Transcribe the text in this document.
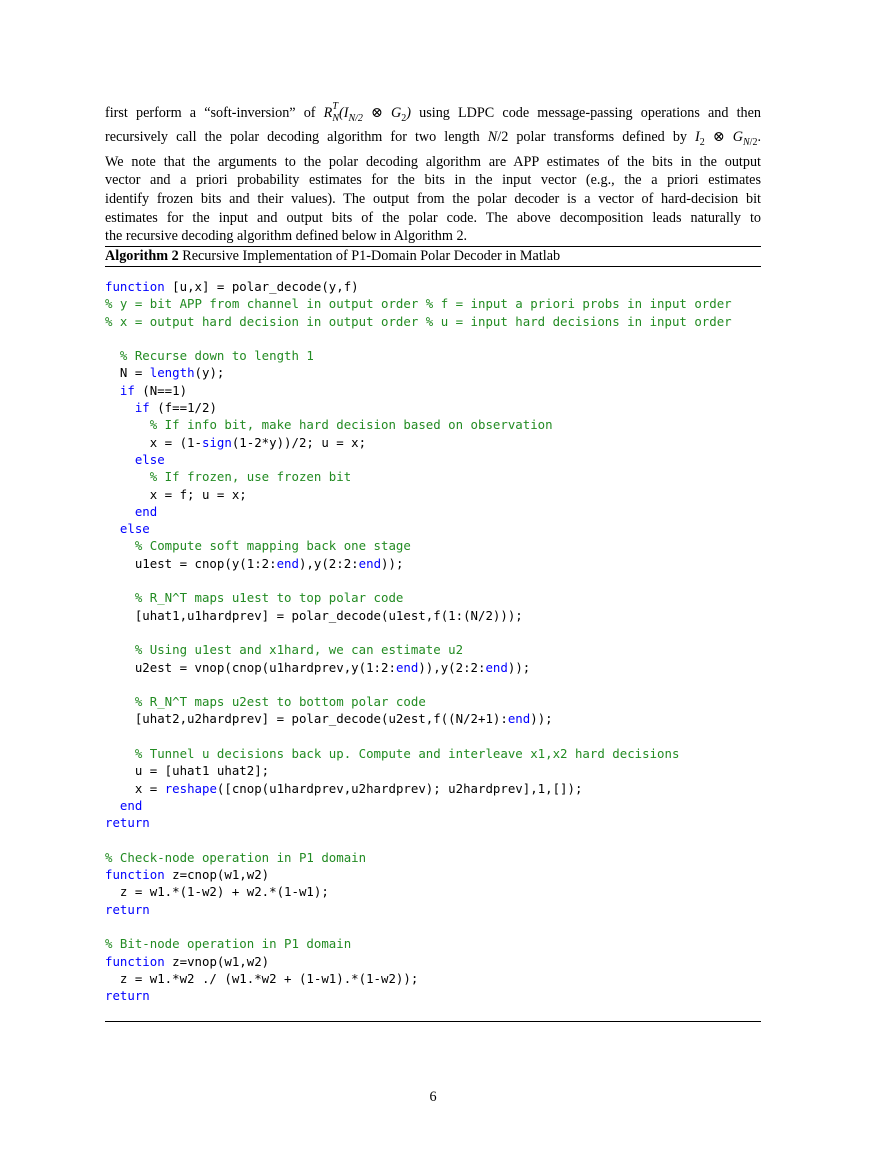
first perform a “soft-inversion” of R T
$N(I_{N/2}$ ⊗ $G_2$) using LDPC code message-passing operations and then
recursively call the polar decoding algorithm for two length N/2 polar transforms defined by $I_2$ ⊗ $G_{N/2}$.
We note that the arguments to the polar decoding algorithm are APP estimates of the bits in the output
vector and a priori probability estimates for the bits in the input vector (e.g., the a priori estimates
identify frozen bits and their values). The output from the polar decoder is a vector of hard-decision bit
estimates for the input and output bits of the polar code. The above decomposition leads naturally to
the recursive decoding algorithm defined below in Algorithm 2.

Algorithm 2 Recursive Implementation of P1-Domain Polar Decoder in Matlab
function [u,x] = polar_decode(y,f)
% y = bit APP from channel in output order % f = input a priori probs in input order
% x = output hard decision in output order % u = input hard decisions in input order

% Recurse down to length 1
N = length(y);
if (N==1)
if (f==1/2)
% If info bit, make hard decision based on observation
x = (1-sign(1-2*y))/2; u = x;
else
% If frozen, use frozen bit
x = f; u = x;
end
else
% Compute soft mapping back one stage
u1est = cnop(y(1:2:end),y(2:2:end));

% R_N^T maps u1est to top polar code
[uhat1,u1hardprev] = polar_decode(u1est,f(1:(N/2)));

% Using u1est and x1hard, we can estimate u2
u2est = vnop(cnop(u1hardprev,y(1:2:end)),y(2:2:end));

% R_N^T maps u2est to bottom polar code
[uhat2,u2hardprev] = polar_decode(u2est,f((N/2+1):end));

% Tunnel u decisions back up. Compute and interleave x1,x2 hard decisions
u = [uhat1 uhat2];
x = reshape([cnop(u1hardprev,u2hardprev); u2hardprev],1,[]);
end
return

% Check-node operation in P1 domain
function z=cnop(w1,w2)
z = w1.*(1-w2) + w2.*(1-w1);
return

% Bit-node operation in P1 domain
function z=vnop(w1,w2)
z = w1.*w2 ./ (w1.*w2 + (1-w1).*(1-w2));
return
6
